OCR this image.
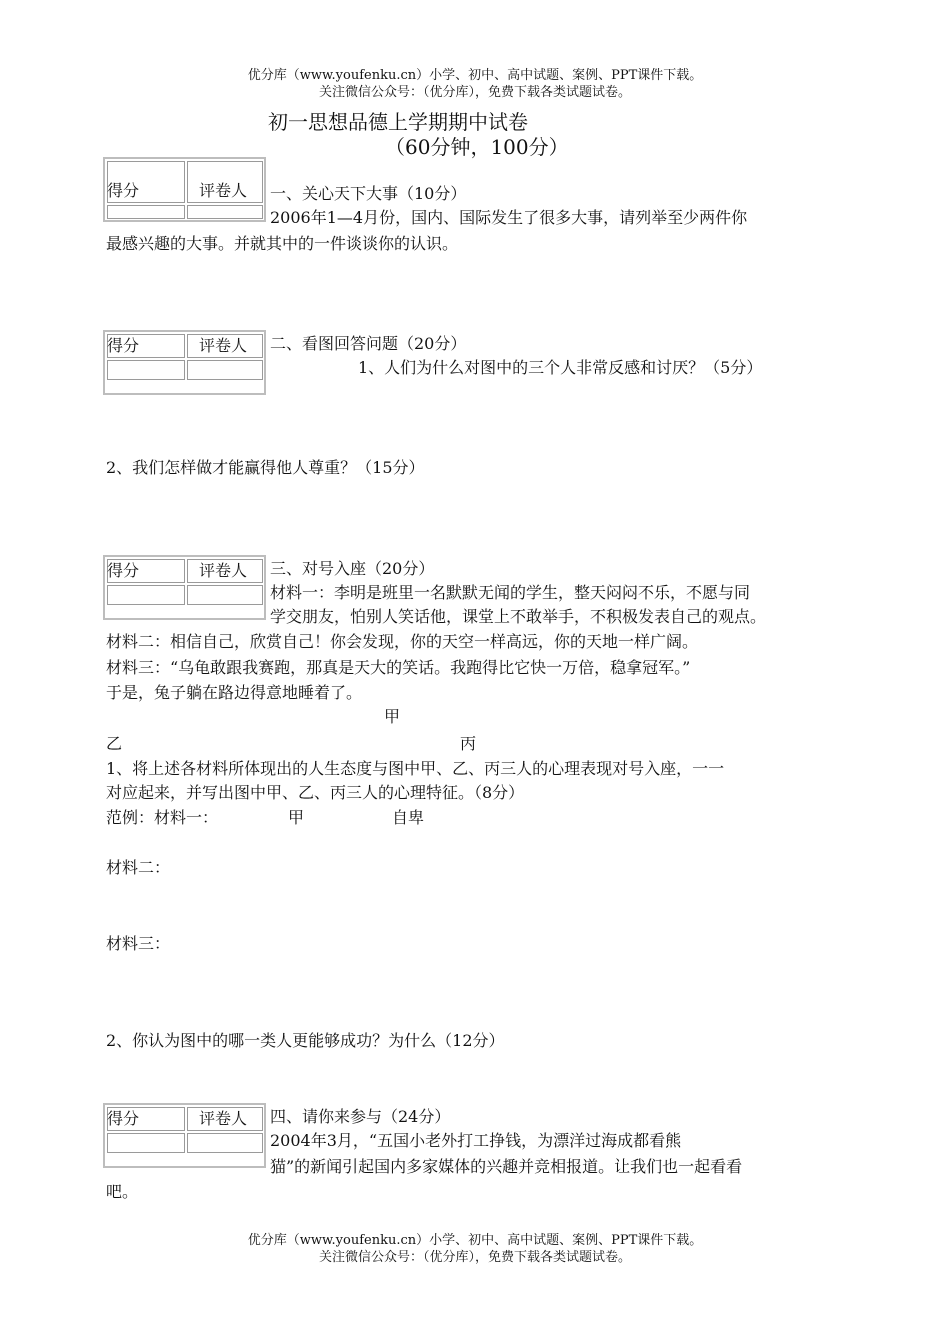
优分库（www.youfenku.cn）小学、初中、高中试题、案例、PPT课件下载。
关注微信公众号：（优分库），免费下载各类试题试卷。
初一思想品德上学期期中试卷
（60分钟，100分）
得分	评卷人 一、关心天下大事（10分）
2006年1—4月份，国内、国际发生了很多大事，请列举至少两件你
最感兴趣的大事。并就其中的一件谈谈你的认识。
得分	评卷人 二、看图回答问题（20分）
1、人们为什么对图中的三个人非常反感和讨厌？（5分）
2、我们怎样做才能赢得他人尊重？（15分）
得分	评卷人 三、对号入座（20分）
材料一：李明是班里一名默默无闻的学生，整天闷闷不乐，不愿与同
学交朋友，怕别人笑话他，课堂上不敢举手，不积极发表自己的观点。
材料二：相信自己，欣赏自己！你会发现，你的天空一样高远，你的天地一样广阔。
材料三：“乌龟敢跟我赛跑，那真是天大的笑话。我跑得比它快一万倍，稳拿冠军。”
于是，兔子躺在路边得意地睡着了。
甲
乙	丙
1、将上述各材料所体现出的人生态度与图中甲、乙、丙三人的心理表现对号入座，一一
对应起来，并写出图中甲、乙、丙三人的心理特征。（8分）
范例：材料一：	甲	自卑
材料二：
材料三：
2、你认为图中的哪一类人更能够成功？为什么（12分）
得分	评卷人 四、请你来参与（24分）
2004年3月，“五国小老外打工挣钱，为漂洋过海成都看熊
猫”的新闻引起国内多家媒体的兴趣并竞相报道。让我们也一起看看
吧。
优分库（www.youfenku.cn）小学、初中、高中试题、案例、PPT课件下载。
关注微信公众号：（优分库），免费下载各类试题试卷。
